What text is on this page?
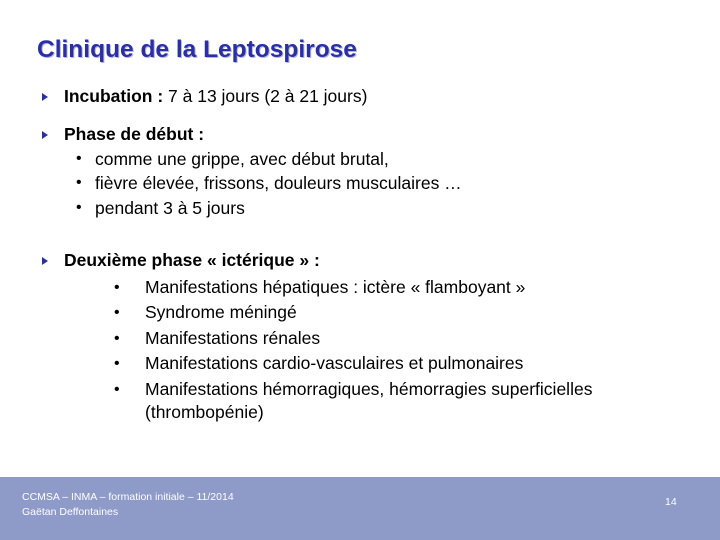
Clinique de la Leptospirose
Incubation : 7 à 13 jours (2 à 21 jours)
Phase de début :
• comme une grippe, avec début brutal,
• fièvre élevée, frissons, douleurs musculaires …
• pendant 3 à 5 jours
Deuxième phase « ictérique » :
• Manifestations hépatiques : ictère « flamboyant »
• Syndrome méningé
• Manifestations rénales
• Manifestations cardio-vasculaires et pulmonaires
• Manifestations hémorragiques, hémorragies superficielles
(thrombopénie)
CCMSA – INMA – formation initiale – 11/2014
Gaëtan Deffontaines
14
